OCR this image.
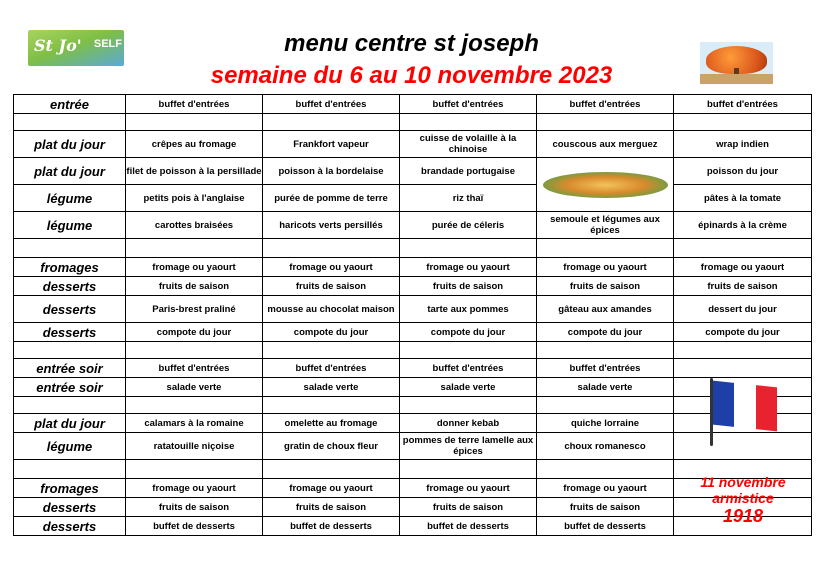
St Jo' SELF	menu centre st joseph
semaine du 6 au 10 novembre 2023
entrée	buffet d'entrées	buffet d'entrées	buffet d'entrées	buffet d'entrées	buffet d'entrées

plat du jour	crêpes au fromage	Frankfort vapeur	cuisse de volaille à la chinoise	couscous aux merguez	wrap indien
plat du jour	filet de poisson à la persillade	poisson à la bordelaise	brandade portugaise		poisson du jour
légume	petits pois à l'anglaise	purée de pomme de terre	riz thaï		pâtes à la tomate
légume	carottes braisées	haricots verts persillés	purée de céleris	semoule et légumes aux épices	épinards à la crème

fromages	fromage ou yaourt	fromage ou yaourt	fromage ou yaourt	fromage ou yaourt	fromage ou yaourt
desserts	fruits de saison	fruits de saison	fruits de saison	fruits de saison	fruits de saison
desserts	Paris-brest praliné	mousse au chocolat maison	tarte aux pommes	gâteau aux amandes	dessert du jour
desserts	compote du jour	compote du jour	compote du jour	compote du jour	compote du jour

entrée soir	buffet d'entrées	buffet d'entrées	buffet d'entrées	buffet d'entrées	
entrée soir	salade verte	salade verte	salade verte	salade verte	

plat du jour	calamars à la romaine	omelette au fromage	donner kebab	quiche lorraine	
légume	ratatouille niçoise	gratin de choux fleur	pommes de terre lamelle aux épices	choux romanesco	

fromages	fromage ou yaourt	fromage ou yaourt	fromage ou yaourt	fromage ou yaourt	
desserts	fruits de saison	fruits de saison	fruits de saison	fruits de saison	
desserts	buffet de desserts	buffet de desserts	buffet de desserts	buffet de desserts	
11 novembre
armistice
1918
